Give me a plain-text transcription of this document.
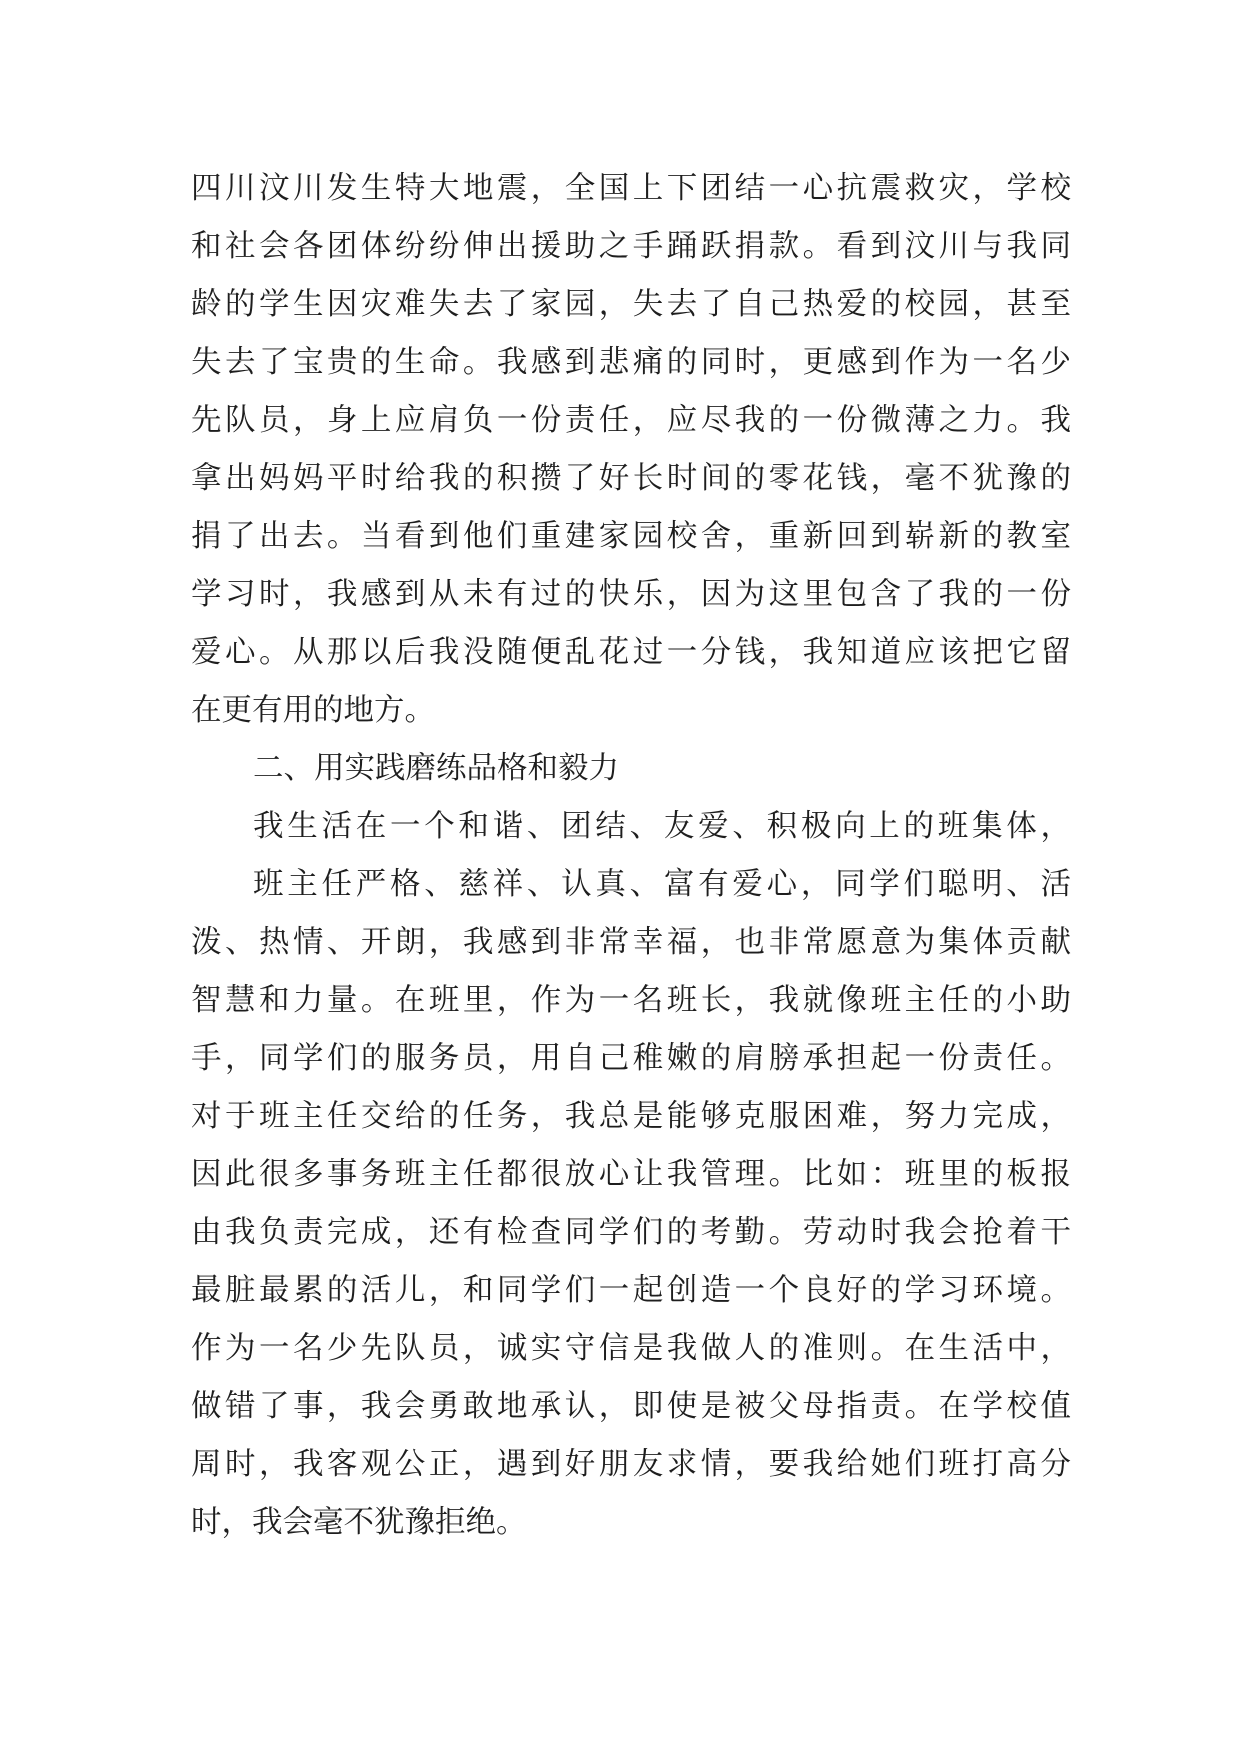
四川汶川发生特大地震，全国上下团结一心抗震救灾，学校
和社会各团体纷纷伸出援助之手踊跃捐款。看到汶川与我同
龄的学生因灾难失去了家园，失去了自己热爱的校园，甚至
失去了宝贵的生命。我感到悲痛的同时，更感到作为一名少
先队员，身上应肩负一份责任，应尽我的一份微薄之力。我
拿出妈妈平时给我的积攒了好长时间的零花钱，毫不犹豫的
捐了出去。当看到他们重建家园校舍，重新回到崭新的教室
学习时，我感到从未有过的快乐，因为这里包含了我的一份
爱心。从那以后我没随便乱花过一分钱，我知道应该把它留
在更有用的地方。
二、用实践磨练品格和毅力
我生活在一个和谐、团结、友爱、积极向上的班集体，
班主任严格、慈祥、认真、富有爱心，同学们聪明、活
泼、热情、开朗，我感到非常幸福，也非常愿意为集体贡献
智慧和力量。在班里，作为一名班长，我就像班主任的小助
手，同学们的服务员，用自己稚嫩的肩膀承担起一份责任。
对于班主任交给的任务，我总是能够克服困难，努力完成，
因此很多事务班主任都很放心让我管理。比如：班里的板报
由我负责完成，还有检查同学们的考勤。劳动时我会抢着干
最脏最累的活儿，和同学们一起创造一个良好的学习环境。
作为一名少先队员，诚实守信是我做人的准则。在生活中，
做错了事，我会勇敢地承认，即使是被父母指责。在学校值
周时，我客观公正，遇到好朋友求情，要我给她们班打高分
时，我会毫不犹豫拒绝。
